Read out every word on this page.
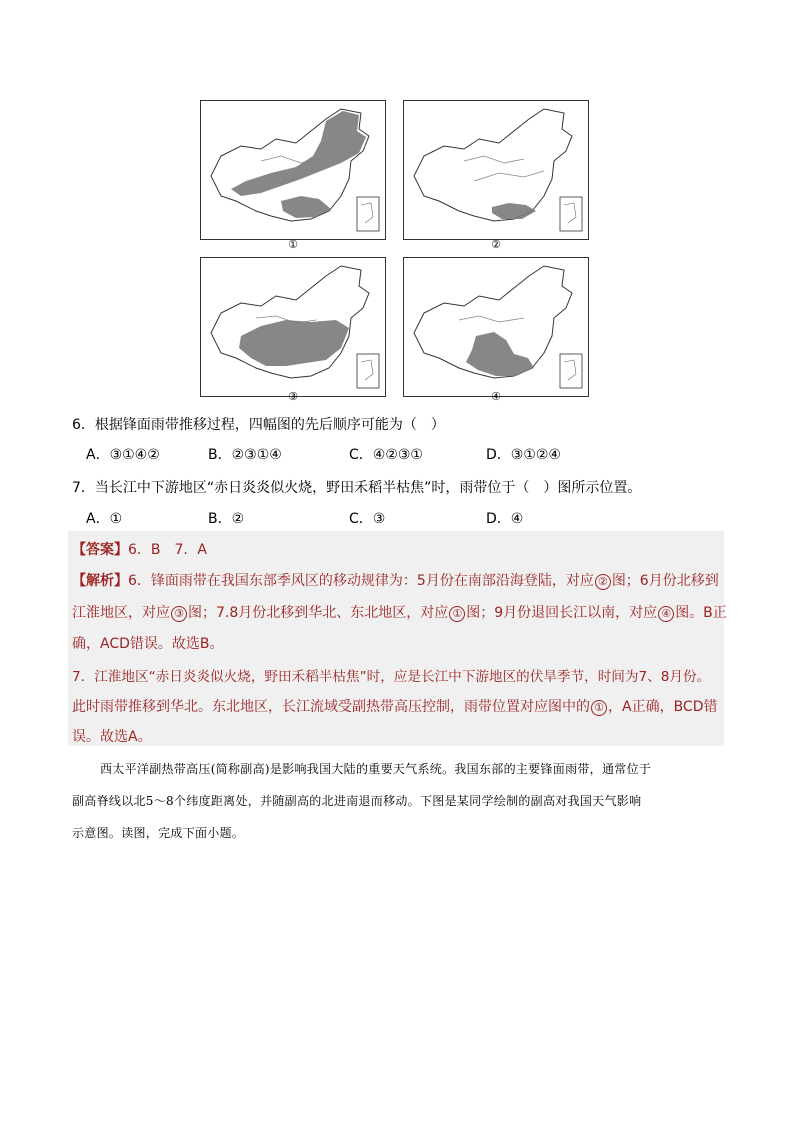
①	②
③	④
6．根据锋面雨带推移过程，四幅图的先后顺序可能为（　）
A．③①④②	B．②③①④	C．④②③①	D．③①②④
7．当长江中下游地区“赤日炎炎似火烧，野田禾稻半枯焦”时，雨带位于（　）图所示位置。
A．①	B．②	C．③	D．④
【答案】6．B　7．A
【解析】6．锋面雨带在我国东部季风区的移动规律为：5月份在南部沿海登陆，对应 ② 图；6月份北移到
江淮地区，对应 ③ 图；7.8月份北移到华北、东北地区，对应 ① 图；9月份退回长江以南，对应 ④ 图。B正
确，ACD错误。故选B。
7．江淮地区“赤日炎炎似火烧，野田禾稻半枯焦”时，应是长江中下游地区的伏旱季节，时间为7、8月份。
此时雨带推移到华北。东北地区，长江流域受副热带高压控制，雨带位置对应图中的 ① ，A正确，BCD错
误。故选A。
西太平洋副热带高压(简称副高)是影响我国大陆的重要天气系统。我国东部的主要锋面雨带，通常位于
副高脊线以北5～8个纬度距离处，并随副高的北进南退而移动。下图是某同学绘制的副高对我国天气影响
示意图。读图，完成下面小题。
